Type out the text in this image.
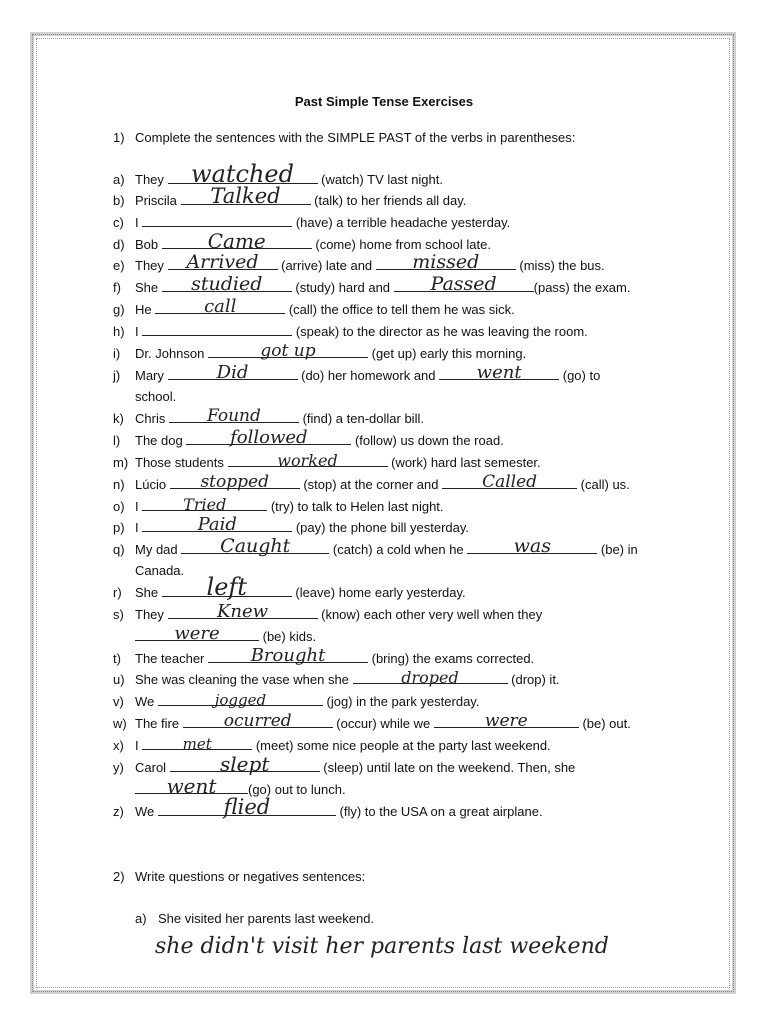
Past Simple Tense Exercises
1) Complete the sentences with the SIMPLE PAST of the verbs in parentheses:
a) They watched	(watch) TV last night.
b) Priscila	Talked	(talk) to her friends all day.
c) I	(have) a terrible headache yesterday.
d) Bob	Came	(come) home from school late.
e) They Arrived	(arrive) late and	missed	(miss) the bus.
f) She	studied	(study) hard and	Passed	(pass) the exam.
g) He	call	(call) the office to tell them he was sick.
h) I	(speak) to the director as he was leaving the room.
i) Dr. Johnson	got up	(get up) early this morning.
j) Mary	Did	(do) her homework and	went	(go) to
school.
k) Chris	Found	(find) a ten-dollar bill.
l) The dog	followed	(follow) us down the road.
m) Those students	worked	(work) hard last semester.
n) Lúcio	stopped	(stop) at the corner and	Called	(call) us.
o) I	Tried	(try) to talk to Helen last night.
p) I	Paid	(pay) the phone bill yesterday.
q) My dad	Caught	(catch) a cold when he	was	(be) in
Canada.
r) She	left	(leave) home early yesterday.
s) They	Knew	(know) each other very well when they
were	(be) kids.
t) The teacher	Brought	(bring) the exams corrected.
u) She was cleaning the vase when she	droped	(drop) it.
v) We	jogged	(jog) in the park yesterday.
w) The fire	ocurred	(occur) while we	were	(be) out.
x) I	met	(meet) some nice people at the party last weekend.
y) Carol	slept	(sleep) until late on the weekend. Then, she
went	(go) out to lunch.
z) We	flied	(fly) to the USA on a great airplane.
2) Write questions or negatives sentences:
a) She visited her parents last weekend.
she didn't visit her parents last weekend
